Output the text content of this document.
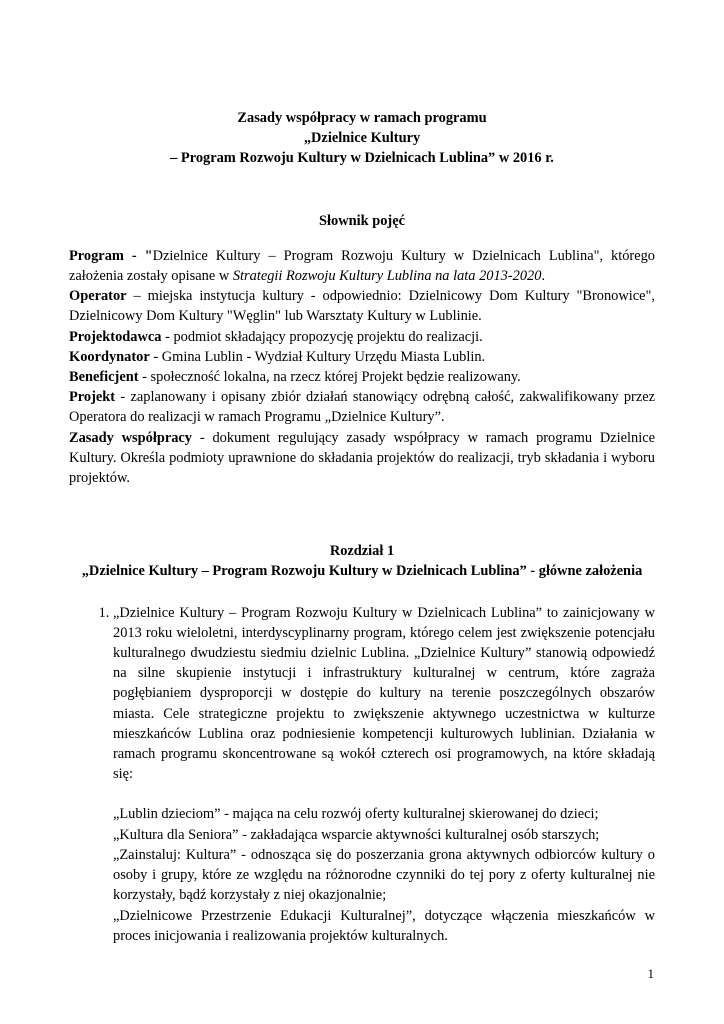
Zasady współpracy w ramach programu
„Dzielnice Kultury
– Program Rozwoju Kultury w Dzielnicach Lublina” w 2016 r.
Słownik pojęć

Program - "Dzielnice Kultury – Program Rozwoju Kultury w Dzielnicach Lublina", którego założenia zostały opisane w Strategii Rozwoju Kultury Lublina na lata 2013-2020.

Operator – miejska instytucja kultury - odpowiednio: Dzielnicowy Dom Kultury "Bronowice", Dzielnicowy Dom Kultury "Węglin" lub Warsztaty Kultury w Lublinie.

Projektodawca - podmiot składający propozycję projektu do realizacji.

Koordynator - Gmina Lublin - Wydział Kultury Urzędu Miasta Lublin.

Beneficjent - społeczność lokalna, na rzecz której Projekt będzie realizowany.

Projekt - zaplanowany i opisany zbiór działań stanowiący odrębną całość, zakwalifikowany przez Operatora do realizacji w ramach Programu „Dzielnice Kultury”.

Zasady współpracy - dokument regulujący zasady współpracy w ramach programu Dzielnice Kultury. Określa podmioty uprawnione do składania projektów do realizacji, tryb składania i wyboru projektów.

Rozdział 1
„Dzielnice Kultury – Program Rozwoju Kultury w Dzielnicach Lublina” - główne założenia

1. „Dzielnice Kultury – Program Rozwoju Kultury w Dzielnicach Lublina” to zainicjowany w 2013 roku wieloletni, interdyscyplinarny program, którego celem jest zwiększenie potencjału kulturalnego dwudziestu siedmiu dzielnic Lublina. „Dzielnice Kultury” stanowią odpowiedź na silne skupienie instytucji i infrastruktury kulturalnej w centrum, które zagraża pogłębianiem dysproporcji w dostępie do kultury na terenie poszczególnych obszarów miasta. Cele strategiczne projektu to zwiększenie aktywnego uczestnictwa w kulturze mieszkańców Lublina oraz podniesienie kompetencji kulturowych lublinian. Działania w ramach programu skoncentrowane są wokół czterech osi programowych, na które składają się:

„Lublin dzieciom” - mająca na celu rozwój oferty kulturalnej skierowanej do dzieci;

„Kultura dla Seniora” - zakładająca wsparcie aktywności kulturalnej osób starszych;

„Zainstaluj: Kultura” - odnosząca się do poszerzania grona aktywnych odbiorców kultury o osoby i grupy, które ze względu na różnorodne czynniki do tej pory z oferty kulturalnej nie korzystały, bądź korzystały z niej okazjonalnie;

„Dzielnicowe Przestrzenie Edukacji Kulturalnej”, dotyczące włączenia mieszkańców w proces inicjowania i realizowania projektów kulturalnych.

1
